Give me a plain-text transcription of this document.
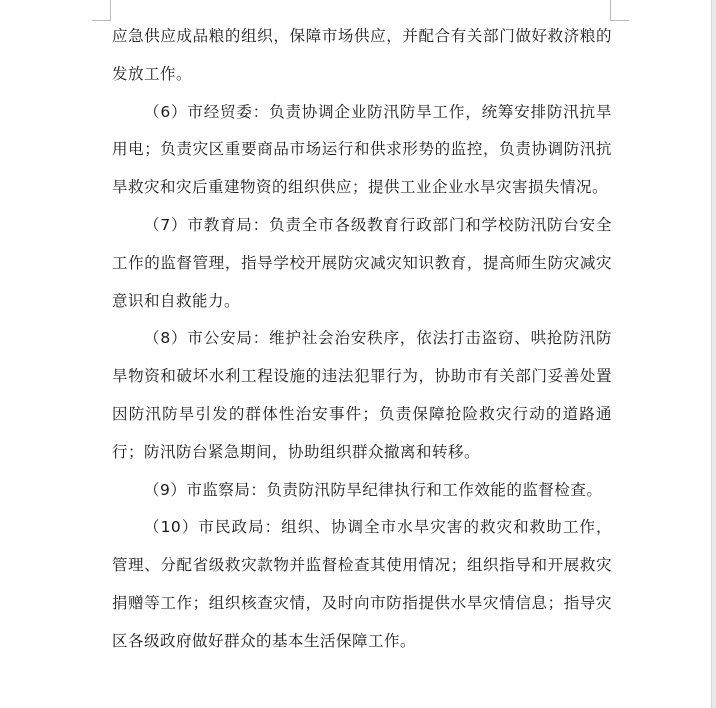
应急供应成品粮的组织，保障市场供应，并配合有关部门做好救济粮的发放工作。

（6）市经贸委：负责协调企业防汛防旱工作，统筹安排防汛抗旱用电；负责灾区重要商品市场运行和供求形势的监控，负责协调防汛抗旱救灾和灾后重建物资的组织供应；提供工业企业水旱灾害损失情况。

（7）市教育局：负责全市各级教育行政部门和学校防汛防台安全工作的监督管理，指导学校开展防灾减灾知识教育，提高师生防灾减灾意识和自救能力。

（8）市公安局：维护社会治安秩序，依法打击盗窃、哄抢防汛防旱物资和破坏水利工程设施的违法犯罪行为，协助市有关部门妥善处置因防汛防旱引发的群体性治安事件；负责保障抢险救灾行动的道路通行；防汛防台紧急期间，协助组织群众撤离和转移。

（9）市监察局：负责防汛防旱纪律执行和工作效能的监督检查。

（10）市民政局：组织、协调全市水旱灾害的救灾和救助工作，管理、分配省级救灾款物并监督检查其使用情况；组织指导和开展救灾捐赠等工作；组织核查灾情，及时向市防指提供水旱灾情信息；指导灾区各级政府做好群众的基本生活保障工作。
